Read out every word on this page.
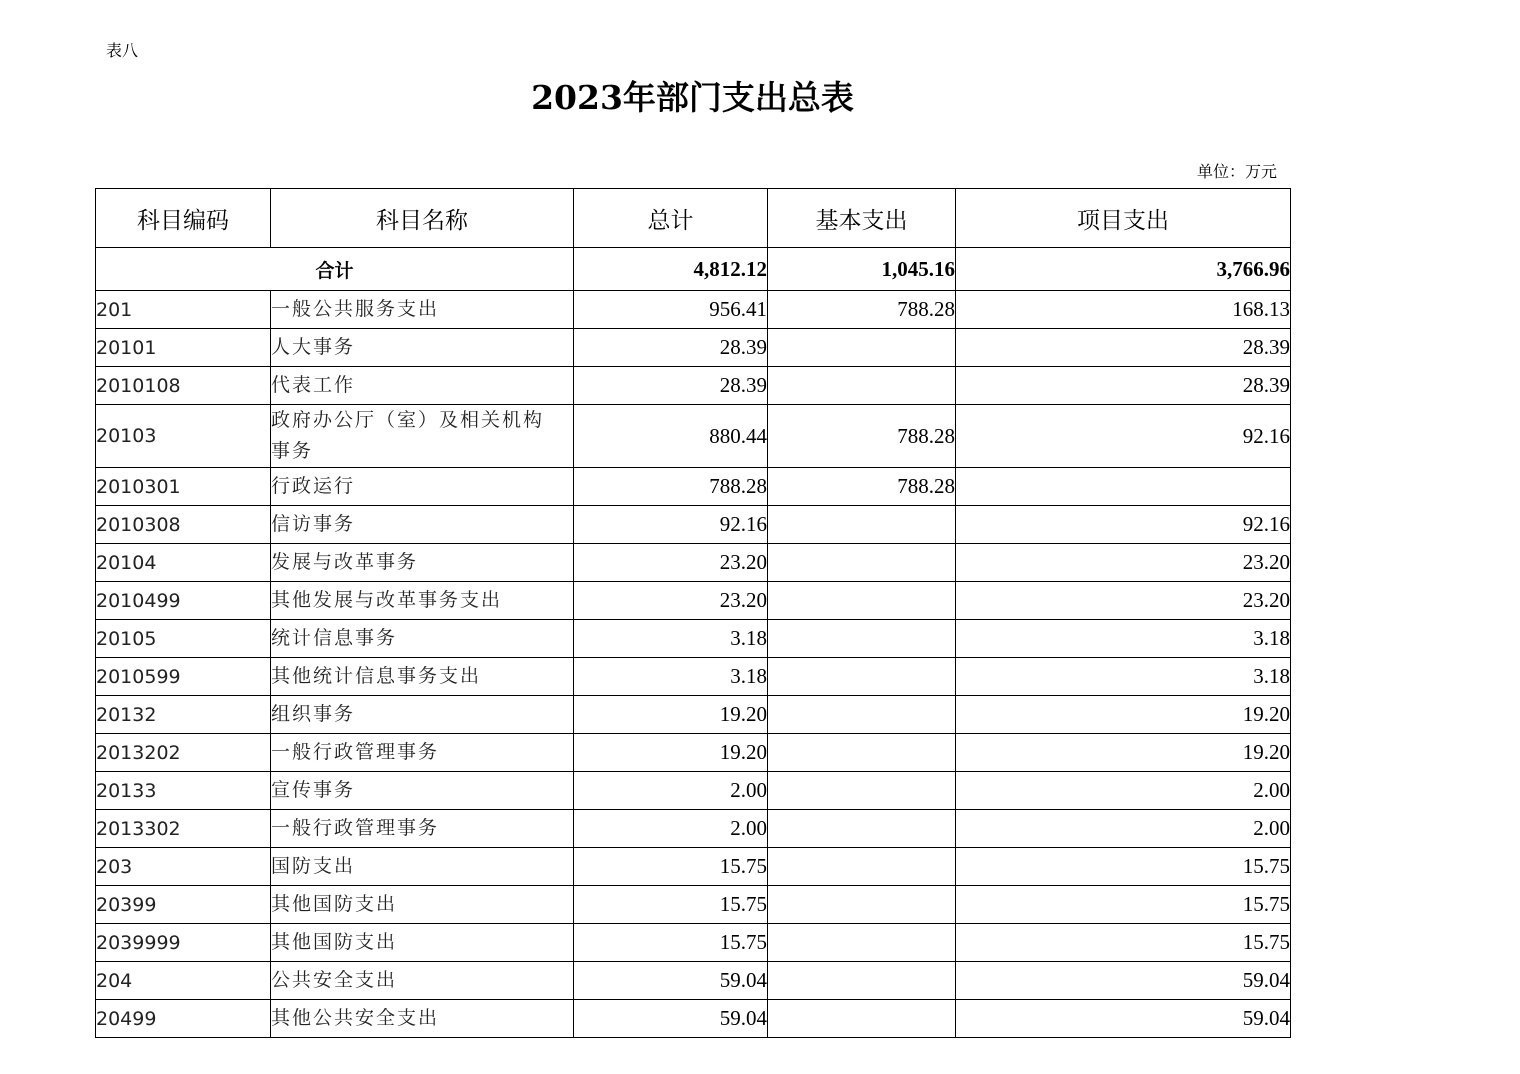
表八
2023年部门支出总表
单位：万元
科目编码	科目名称	总计	基本支出	项目支出
合计		4,812.12	1,045.16	3,766.96
201	一般公共服务支出	956.41	788.28	168.13
20101	人大事务	28.39		28.39
2010108	代表工作	28.39		28.39
20103	政府办公厅（室）及相关机构事务	880.44	788.28	92.16
2010301	行政运行	788.28	788.28	
2010308	信访事务	92.16		92.16
20104	发展与改革事务	23.20		23.20
2010499	其他发展与改革事务支出	23.20		23.20
20105	统计信息事务	3.18		3.18
2010599	其他统计信息事务支出	3.18		3.18
20132	组织事务	19.20		19.20
2013202	一般行政管理事务	19.20		19.20
20133	宣传事务	2.00		2.00
2013302	一般行政管理事务	2.00		2.00
203	国防支出	15.75		15.75
20399	其他国防支出	15.75		15.75
2039999	其他国防支出	15.75		15.75
204	公共安全支出	59.04		59.04
20499	其他公共安全支出	59.04		59.04
